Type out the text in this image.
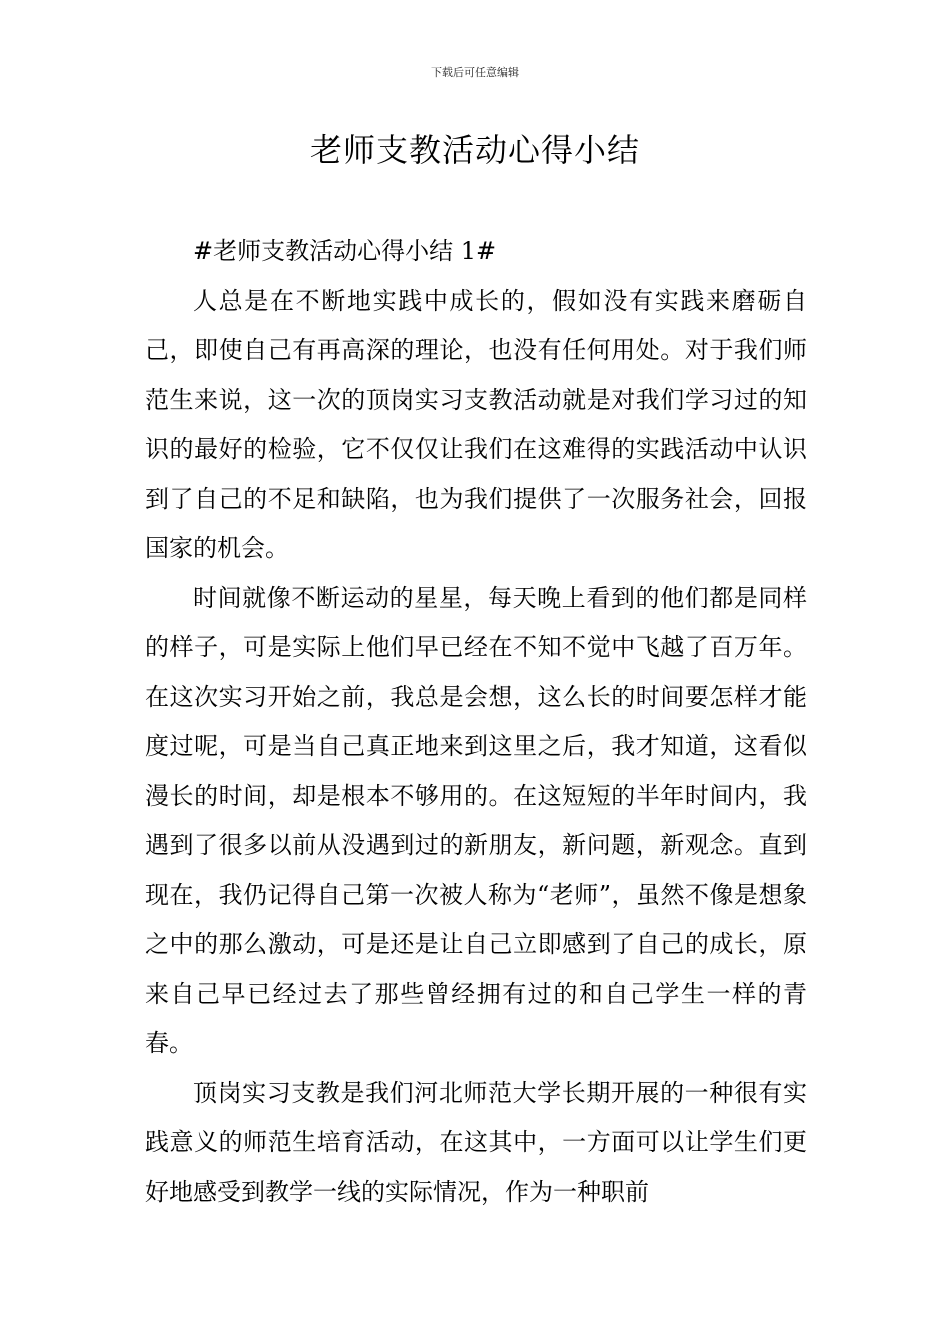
下载后可任意编辑
老师支教活动心得小结

#老师支教活动心得小结 1#

人总是在不断地实践中成长的，假如没有实践来磨砺自己，即使自己有再高深的理论，也没有任何用处。对于我们师范生来说，这一次的顶岗实习支教活动就是对我们学习过的知识的最好的检验，它不仅仅让我们在这难得的实践活动中认识到了自己的不足和缺陷，也为我们提供了一次服务社会，回报国家的机会。

时间就像不断运动的星星，每天晚上看到的他们都是同样的样子，可是实际上他们早已经在不知不觉中飞越了百万年。在这次实习开始之前，我总是会想，这么长的时间要怎样才能度过呢，可是当自己真正地来到这里之后，我才知道，这看似漫长的时间，却是根本不够用的。在这短短的半年时间内，我遇到了很多以前从没遇到过的新朋友，新问题，新观念。直到现在，我仍记得自己第一次被人称为“老师”，虽然不像是想象之中的那么激动，可是还是让自己立即感到了自己的成长，原来自己早已经过去了那些曾经拥有过的和自己学生一样的青春。

顶岗实习支教是我们河北师范大学长期开展的一种很有实践意义的师范生培育活动，在这其中，一方面可以让学生们更好地感受到教学一线的实际情况，作为一种职前
